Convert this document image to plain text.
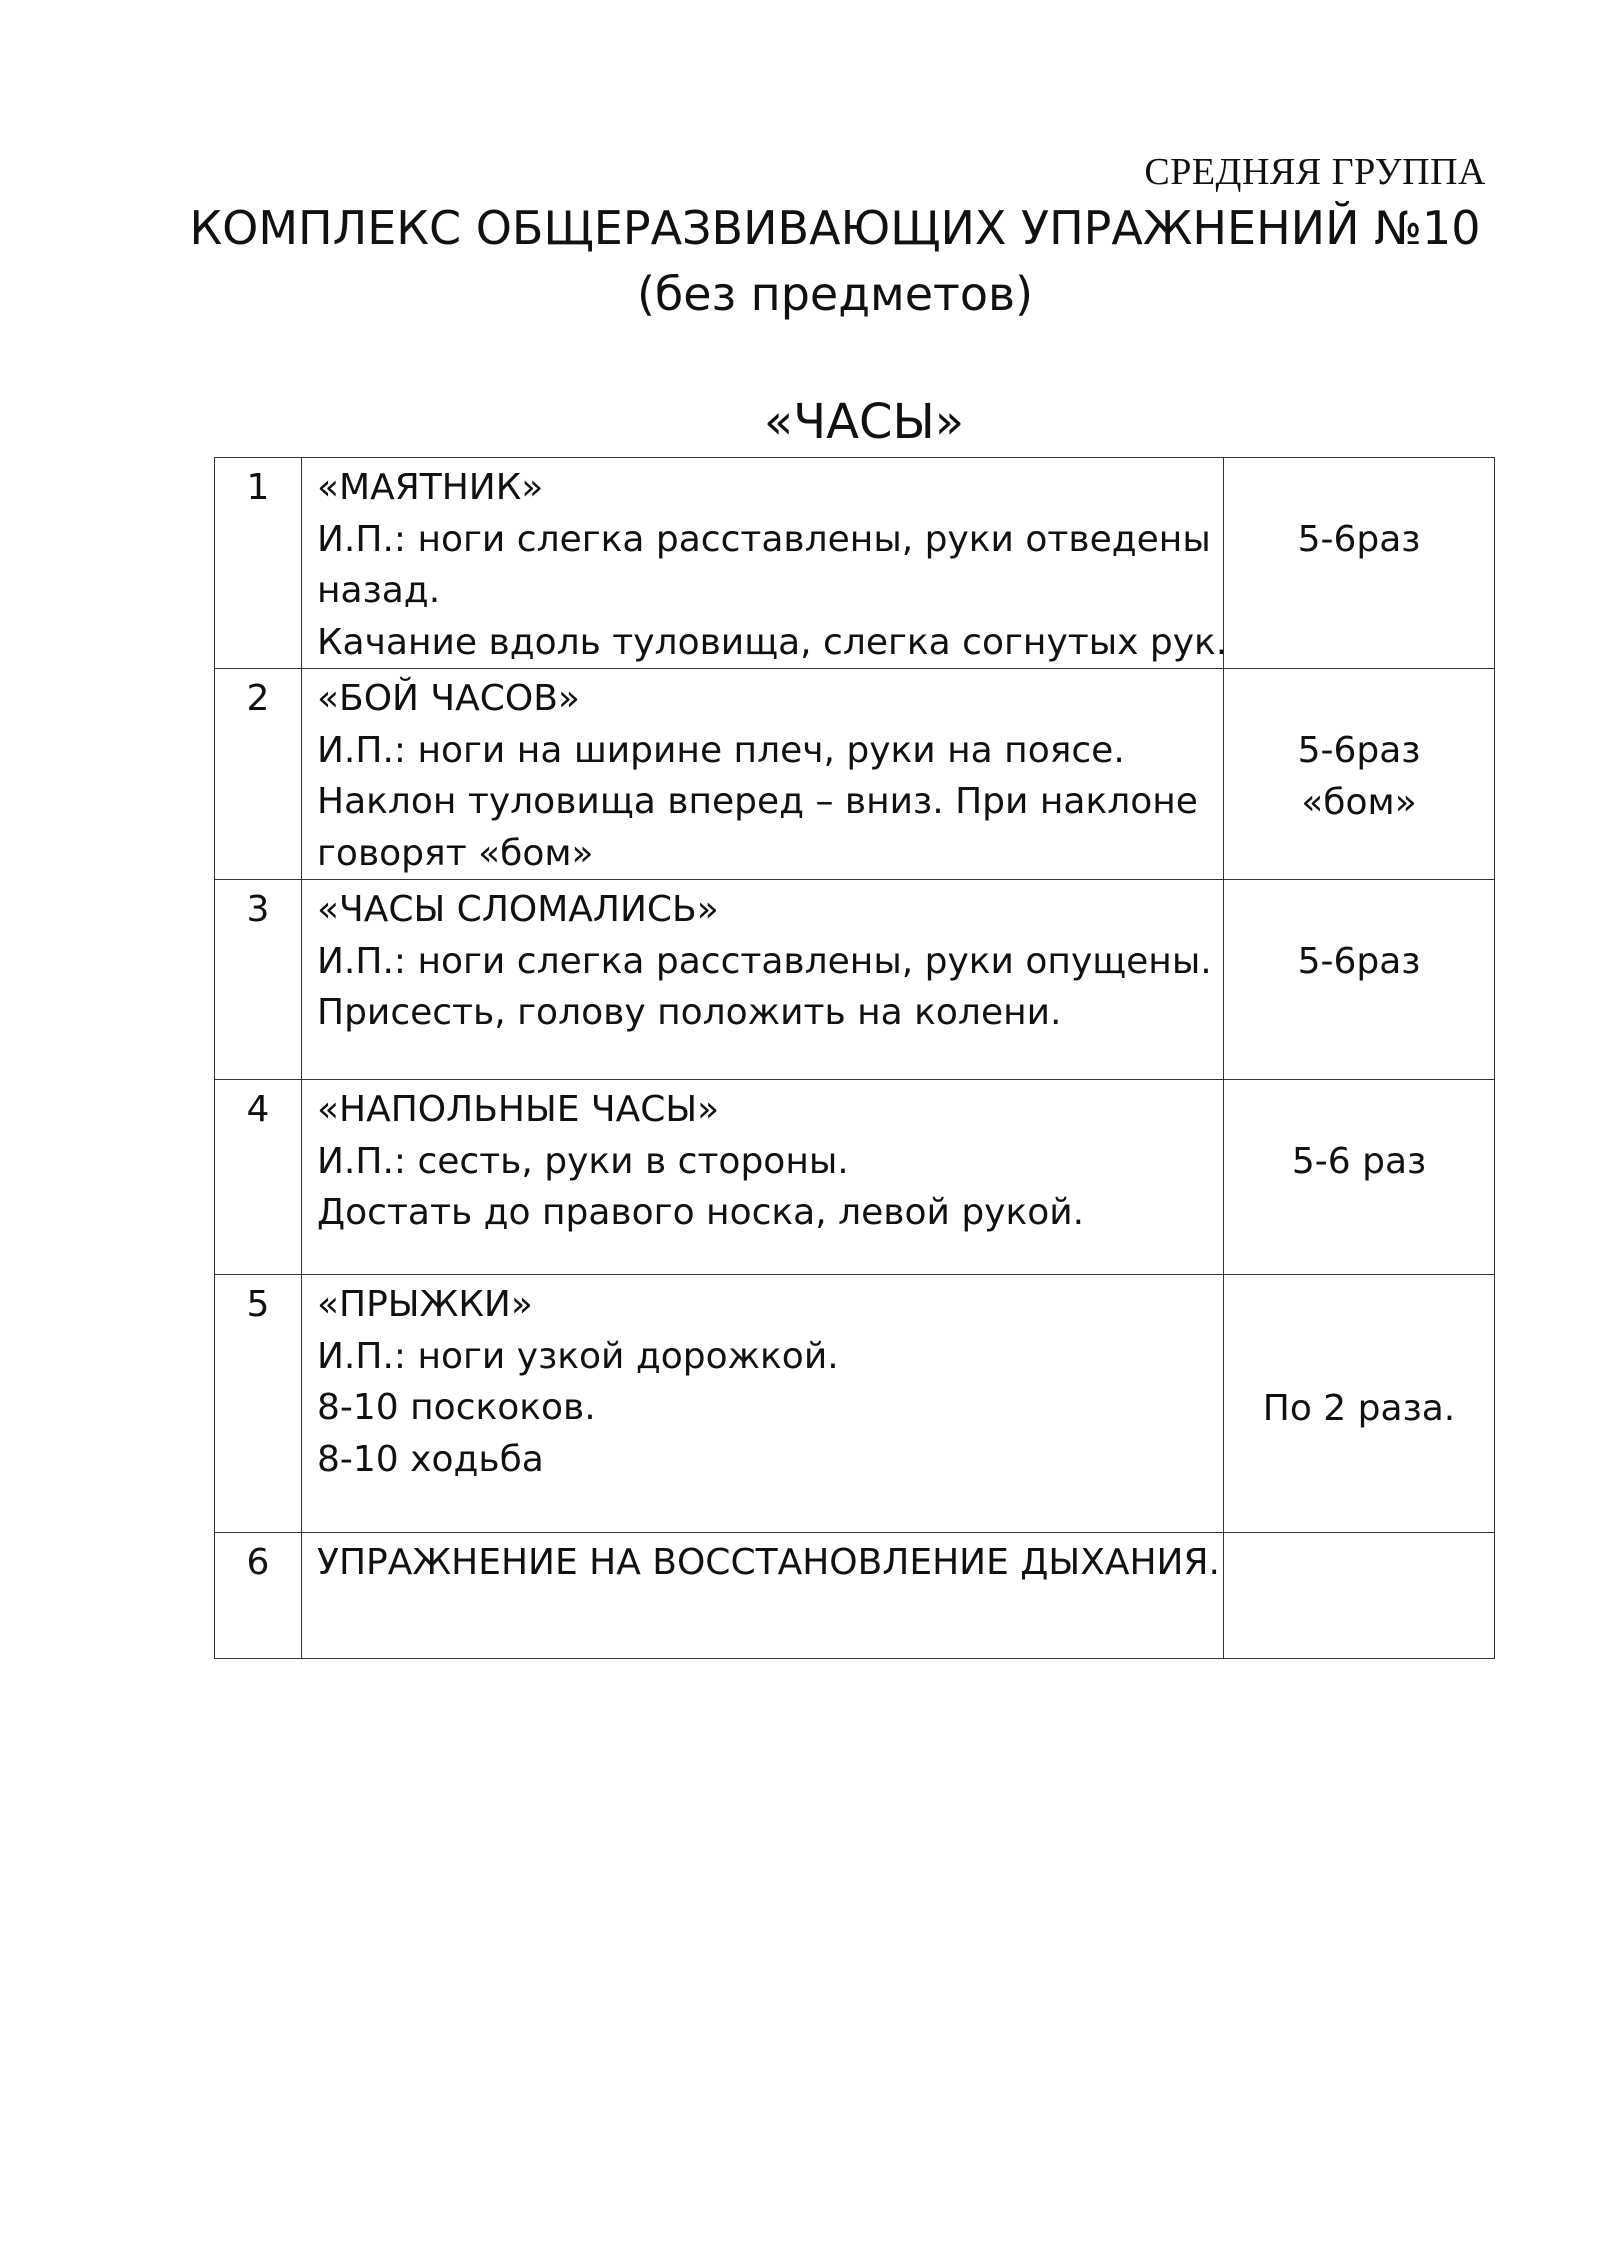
СРЕДНЯЯ ГРУППА
КОМПЛЕКС ОБЩЕРАЗВИВАЮЩИХ УПРАЖНЕНИЙ №10
(без предметов)
«ЧАСЫ»
1	«МАЯТНИК»
И.П.: ноги слегка расставлены, руки отведены
назад.
Качание вдоль туловища, слегка согнутых рук.	5-6раз

2	«БОЙ ЧАСОВ»
И.П.: ноги на ширине плеч, руки на поясе.
Наклон туловища вперед – вниз. При наклоне
говорят «бом»	5-6раз
«бом»

3	«ЧАСЫ СЛОМАЛИСЬ»
И.П.: ноги слегка расставлены, руки опущены.
Присесть, голову положить на колени.	5-6раз

4	«НАПОЛЬНЫЕ ЧАСЫ»
И.П.: сесть, руки в стороны.
Достать до правого носка, левой рукой.	5-6 раз

5	«ПРЫЖКИ»
И.П.: ноги узкой дорожкой.
8-10 поскоков.
8-10 ходьба	По 2 раза.

6	УПРАЖНЕНИЕ НА ВОССТАНОВЛЕНИЕ ДЫХАНИЯ.	
